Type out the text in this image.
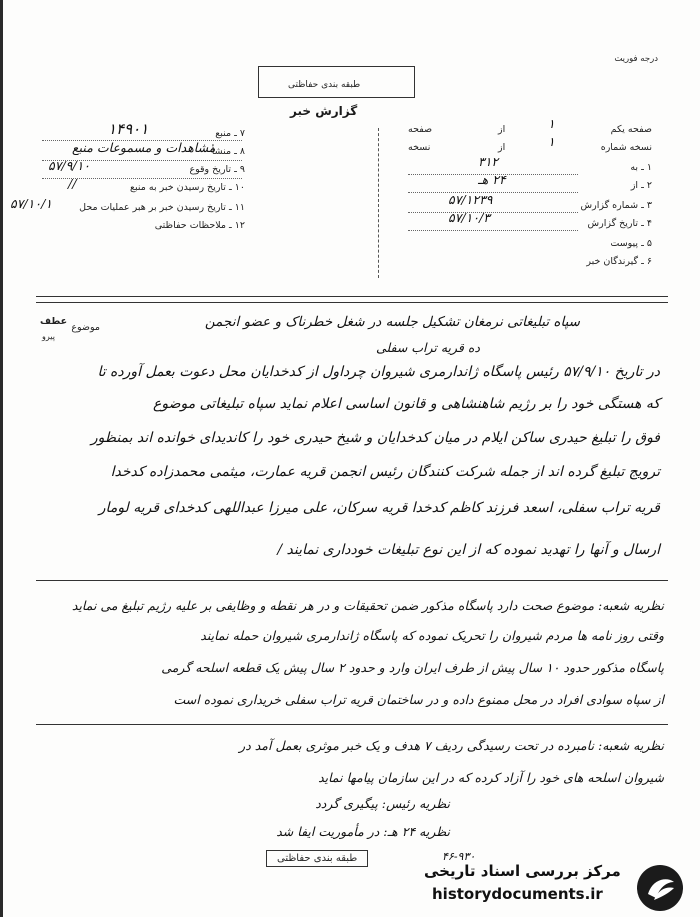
درجه فوریت
طبقه بندی حفاظتی
گزارش خبر
۷ ـ منبع
۱۴۹۰۱
۸ ـ منشأ
مشاهدات و مسموعات منبع
۹ ـ تاریخ وقوع
۵۷/۹/۱۰
۱۰ ـ تاریخ رسیدن خبر به منبع
//
۱۱ ـ تاریخ رسیدن خبر بر هبر عملیات محل
۵۷/۱۰/۱
۱۲ ـ ملاحظات حفاظتی
صفحه یکم
از
صفحه	۱
نسخه شماره
از
نسخه	۱
۱ ـ به
۳۱۲
۲ ـ از
۲۴ هـ
۳ ـ شماره گزارش
۵۷/۱۲۳۹
۴ ـ تاریخ گزارش
۵۷/۱۰/۳
۵ ـ پیوست
۶ ـ گیرندگان خبر
موضوع	سپاه تبلیغاتی نرمغان تشکیل جلسه در شغل خطرناک و عضو انجمن
عطف
پیرو
ده قریه تراب سفلی
در تاریخ ۵۷/۹/۱۰ رئیس پاسگاه ژاندارمری شیروان چرداول از کدخدایان محل دعوت بعمل آورده تا
که هستگی خود را بر رژیم شاهنشاهی و قانون اساسی اعلام نماید سپاه تبلیغاتی موضوع
فوق را تبلیغ حیدری ساکن ایلام در میان کدخدایان و شیخ حیدری خود را کاندیدای خوانده اند بمنظور
ترویج تبلیغ گرده اند از جمله شرکت کنندگان رئیس انجمن قریه عمارت، میثمی محمدزاده کدخدا
قریه تراب سفلی، اسعد فرزند کاظم کدخدا قریه سرکان، علی میرزا عبداللهی کدخدای قریه لومار
ارسال و آنها را تهدید نموده که از این نوع تبلیغات خودداری نمایند /
نظریه شعبه: موضوع صحت دارد پاسگاه مذکور ضمن تحقیقات و در هر نقطه و وظایفی بر علیه رژیم تبلیغ می نماید
وقتی روز نامه ها مردم شیروان را تحریک نموده که پاسگاه ژاندارمری شیروان حمله نمایند
پاسگاه مذکور حدود ۱۰ سال پیش از طرف ایران وارد و حدود ۲ سال پیش یک قطعه اسلحه گرمی
از سپاه سوادی افراد در محل ممنوع داده و در ساختمان قریه تراب سفلی خریداری نموده است
نظریه شعبه: نامبرده در تحت رسیدگی ردیف ۷ هدف و یک خبر موثری بعمل آمد در
شیروان اسلحه های خود را آزاد کرده که در این سازمان پیامها نماید
نظریه رئیس: پیگیری گردد
نظریه ۲۴ هـ: در مأموریت ایفا شد
طبقه بندی حفاظتی	۴۶-۹۳۰
مرکز بررسی اسناد تاریخی
historydocuments.ir
